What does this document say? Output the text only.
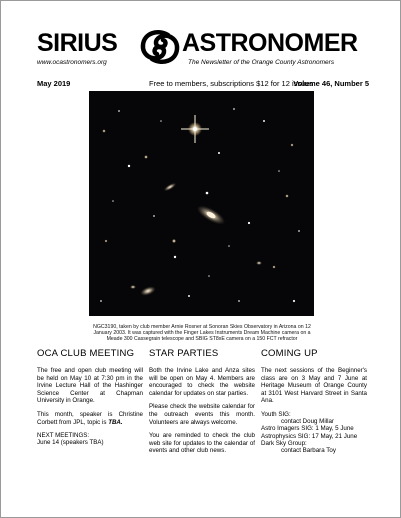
SIRIUS	ASTRONOMER
www.ocastronomers.org	The Newsletter of the Orange County Astronomers
May 2019	Free to members, subscriptions $12 for 12 issues
Volume 46, Number 5
NGC3190, taken by club member Arnie Rosner at Sonoran Skies Observatory in Arizona on 12 January 2003. It was captured with the Finger Lakes Instruments Dream Machine camera on a Meade 300 Cassegrain telescope and SBIG ST8xE camera on a 150 FCT refractor
OCA CLUB MEETING

The free and open club meeting will be held on May 10 at 7:30 pm in the Irvine Lecture Hall of the Hashinger Science Center at Chapman University in Orange.

This month, speaker is Christine Corbett from JPL, topic is TBA.

NEXT MEETINGS:
June 14 (speakers TBA)
STAR PARTIES

Both the Irvine Lake and Anza sites will be open on May 4. Members are encouraged to check the website calendar for updates on star parties.

Please check the website calendar for the outreach events this month. Volunteers are always welcome.

You are reminded to check the club web site for updates to the calendar of events and other club news.

COMING UP

The next sessions of the Beginner's class are on 3 May and 7 June at Heritage Museum of Orange County at 3101 West Harvard Street in Santa Ana.

Youth SIG:
contact Doug Millar
Astro Imagers SIG: 1 May, 5 June
Astrophysics SIG: 17 May, 21 June
Dark Sky Group:
contact Barbara Toy
